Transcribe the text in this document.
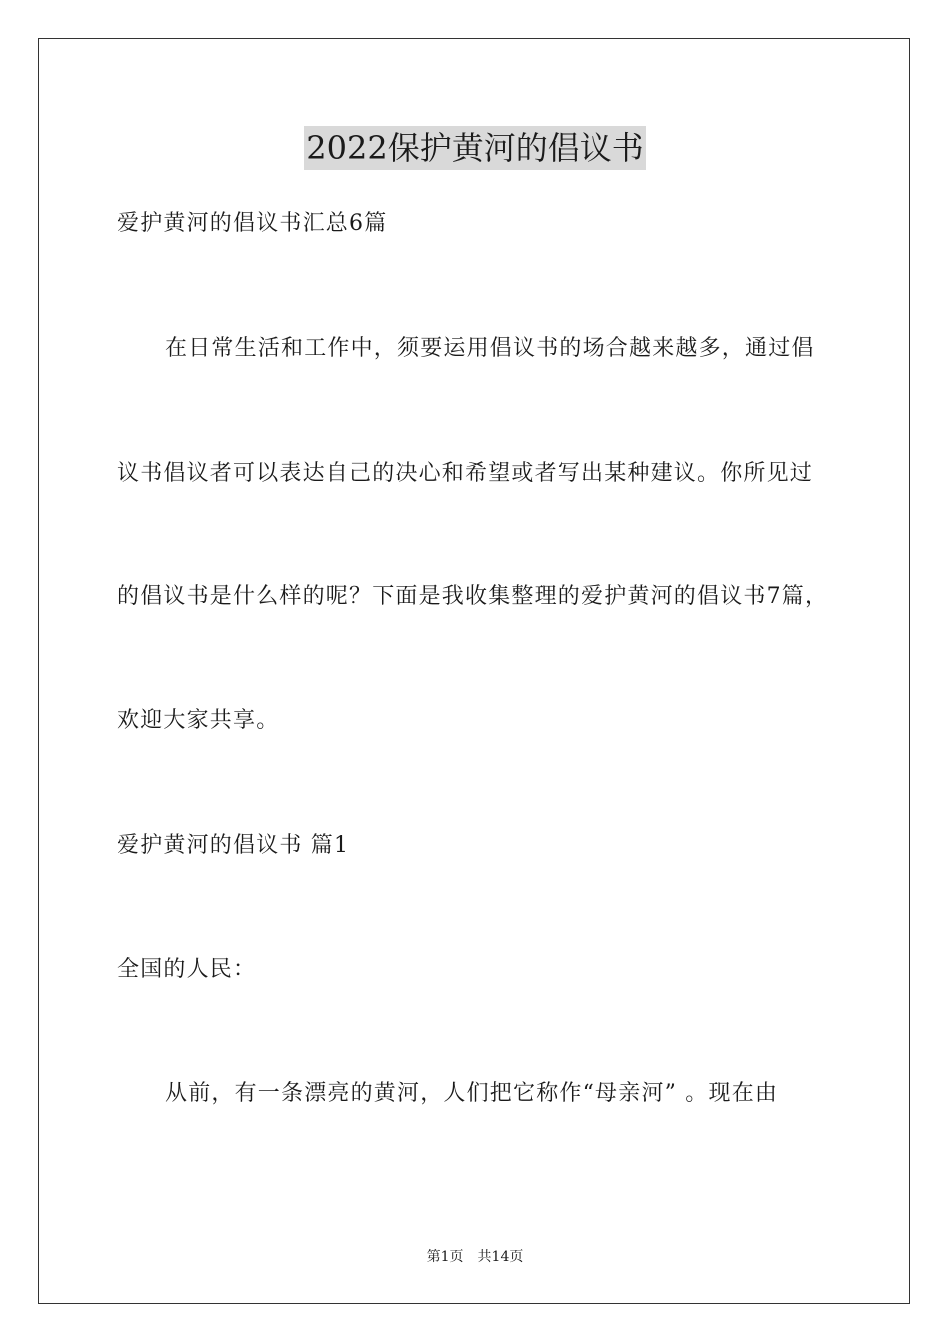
2022保护黄河的倡议书
爱护黄河的倡议书汇总6篇
在日常生活和工作中，须要运用倡议书的场合越来越多，通过倡
议书倡议者可以表达自己的决心和希望或者写出某种建议。你所见过
的倡议书是什么样的呢？下面是我收集整理的爱护黄河的倡议书7篇，
欢迎大家共享。
爱护黄河的倡议书 篇1
全国的人民：
从前，有一条漂亮的黄河，人们把它称作“母亲河” 。现在由
第1页 共14页
